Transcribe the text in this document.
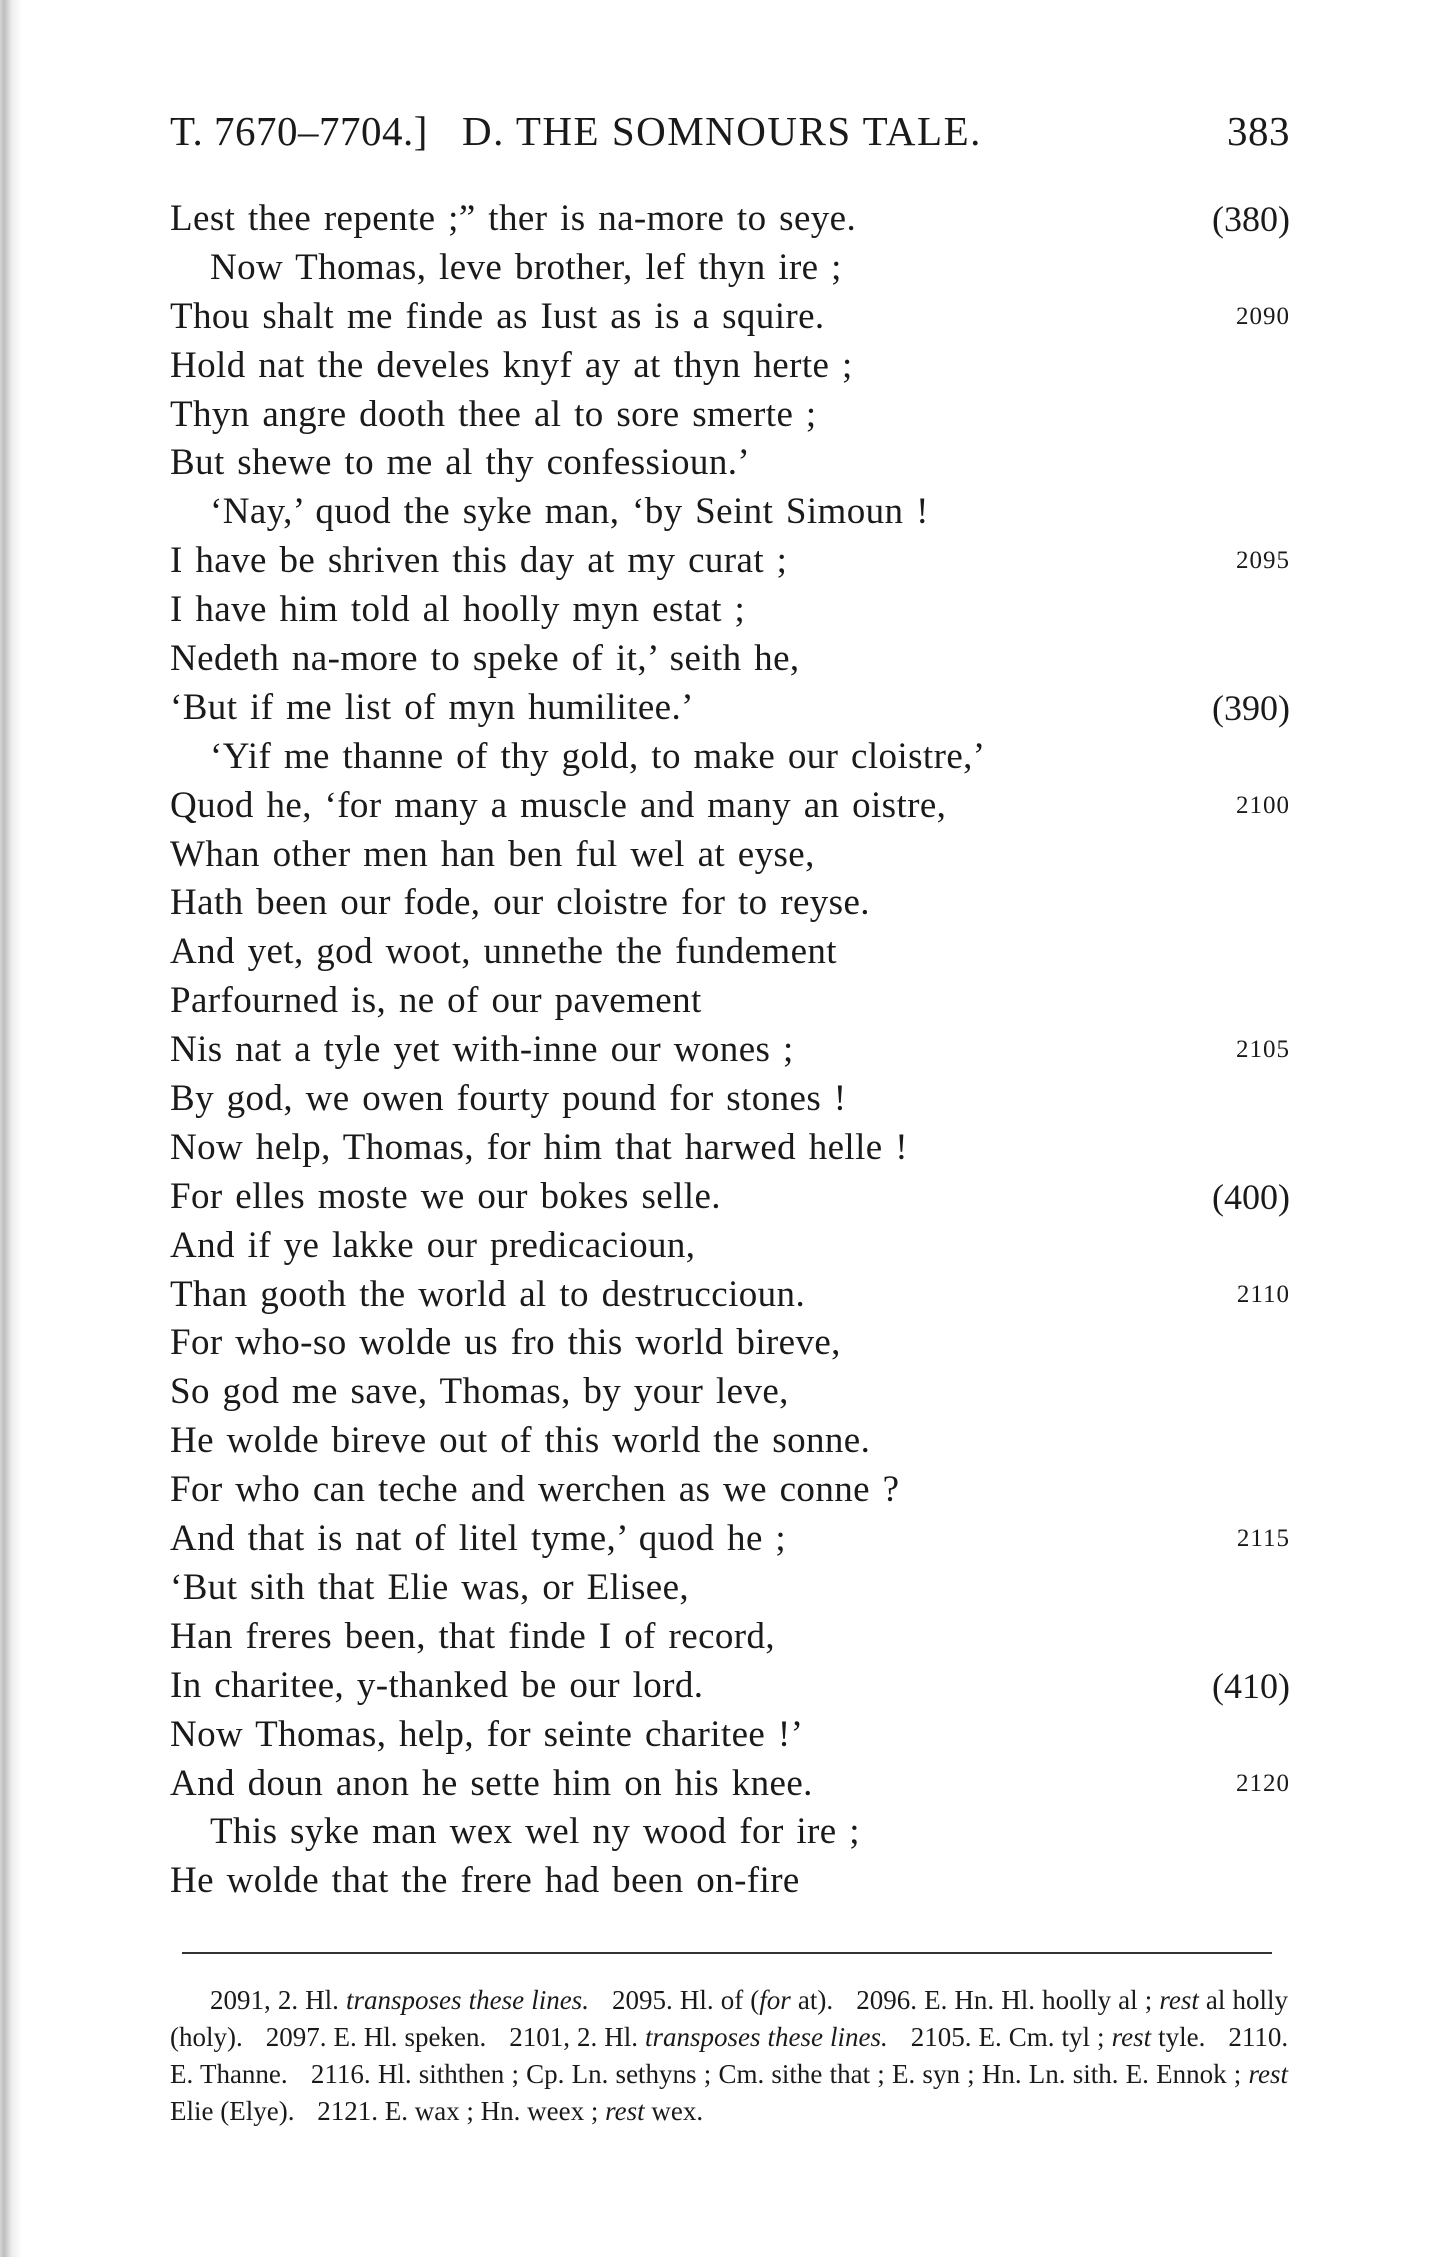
T. 7670–7704.] D. THE SOMNOURS TALE.	383
Lest thee repente ;” ther is na-more to seye.	(380)
Now Thomas, leve brother, lef thyn ire ;
Thou shalt me finde as Iust as is a squire.	2090
Hold nat the develes knyf ay at thyn herte ;
Thyn angre dooth thee al to sore smerte ;
But shewe to me al thy confessioun.’
‘Nay,’ quod the syke man, ‘by Seint Simoun !
I have be shriven this day at my curat ;	2095
I have him told al hoolly myn estat ;
Nedeth na-more to speke of it,’ seith he,
‘But if me list of myn humilitee.’	(390)
‘Yif me thanne of thy gold, to make our cloistre,’
Quod he, ‘for many a muscle and many an oistre,	2100
Whan other men han ben ful wel at eyse,
Hath been our fode, our cloistre for to reyse.
And yet, god woot, unnethe the fundement
Parfourned is, ne of our pavement
Nis nat a tyle yet with-inne our wones ;	2105
By god, we owen fourty pound for stones !
Now help, Thomas, for him that harwed helle !
For elles moste we our bokes selle.	(400)
And if ye lakke our predicacioun,
Than gooth the world al to destruccioun.	2110
For who-so wolde us fro this world bireve,
So god me save, Thomas, by your leve,
He wolde bireve out of this world the sonne.
For who can teche and werchen as we conne ?
And that is nat of litel tyme,’ quod he ;	2115
‘But sith that Elie was, or Elisee,
Han freres been, that finde I of record,
In charitee, y-thanked be our lord.	(410)
Now Thomas, help, for seinte charitee !’
And doun anon he sette him on his knee.	2120
This syke man wex wel ny wood for ire ;
He wolde that the frere had been on-fire

2091, 2. Hl. transposes these lines. 2095. Hl. of (for at). 2096. E. Hn. Hl. hoolly al ; rest al holly (holy). 2097. E. Hl. speken. 2101, 2. Hl. transposes these lines. 2105. E. Cm. tyl ; rest tyle. 2110. E. Thanne. 2116. Hl. siththen ; Cp. Ln. sethyns ; Cm. sithe that ; E. syn ; Hn. Ln. sith. E. Ennok ; rest Elie (Elye). 2121. E. wax ; Hn. weex ; rest wex.
